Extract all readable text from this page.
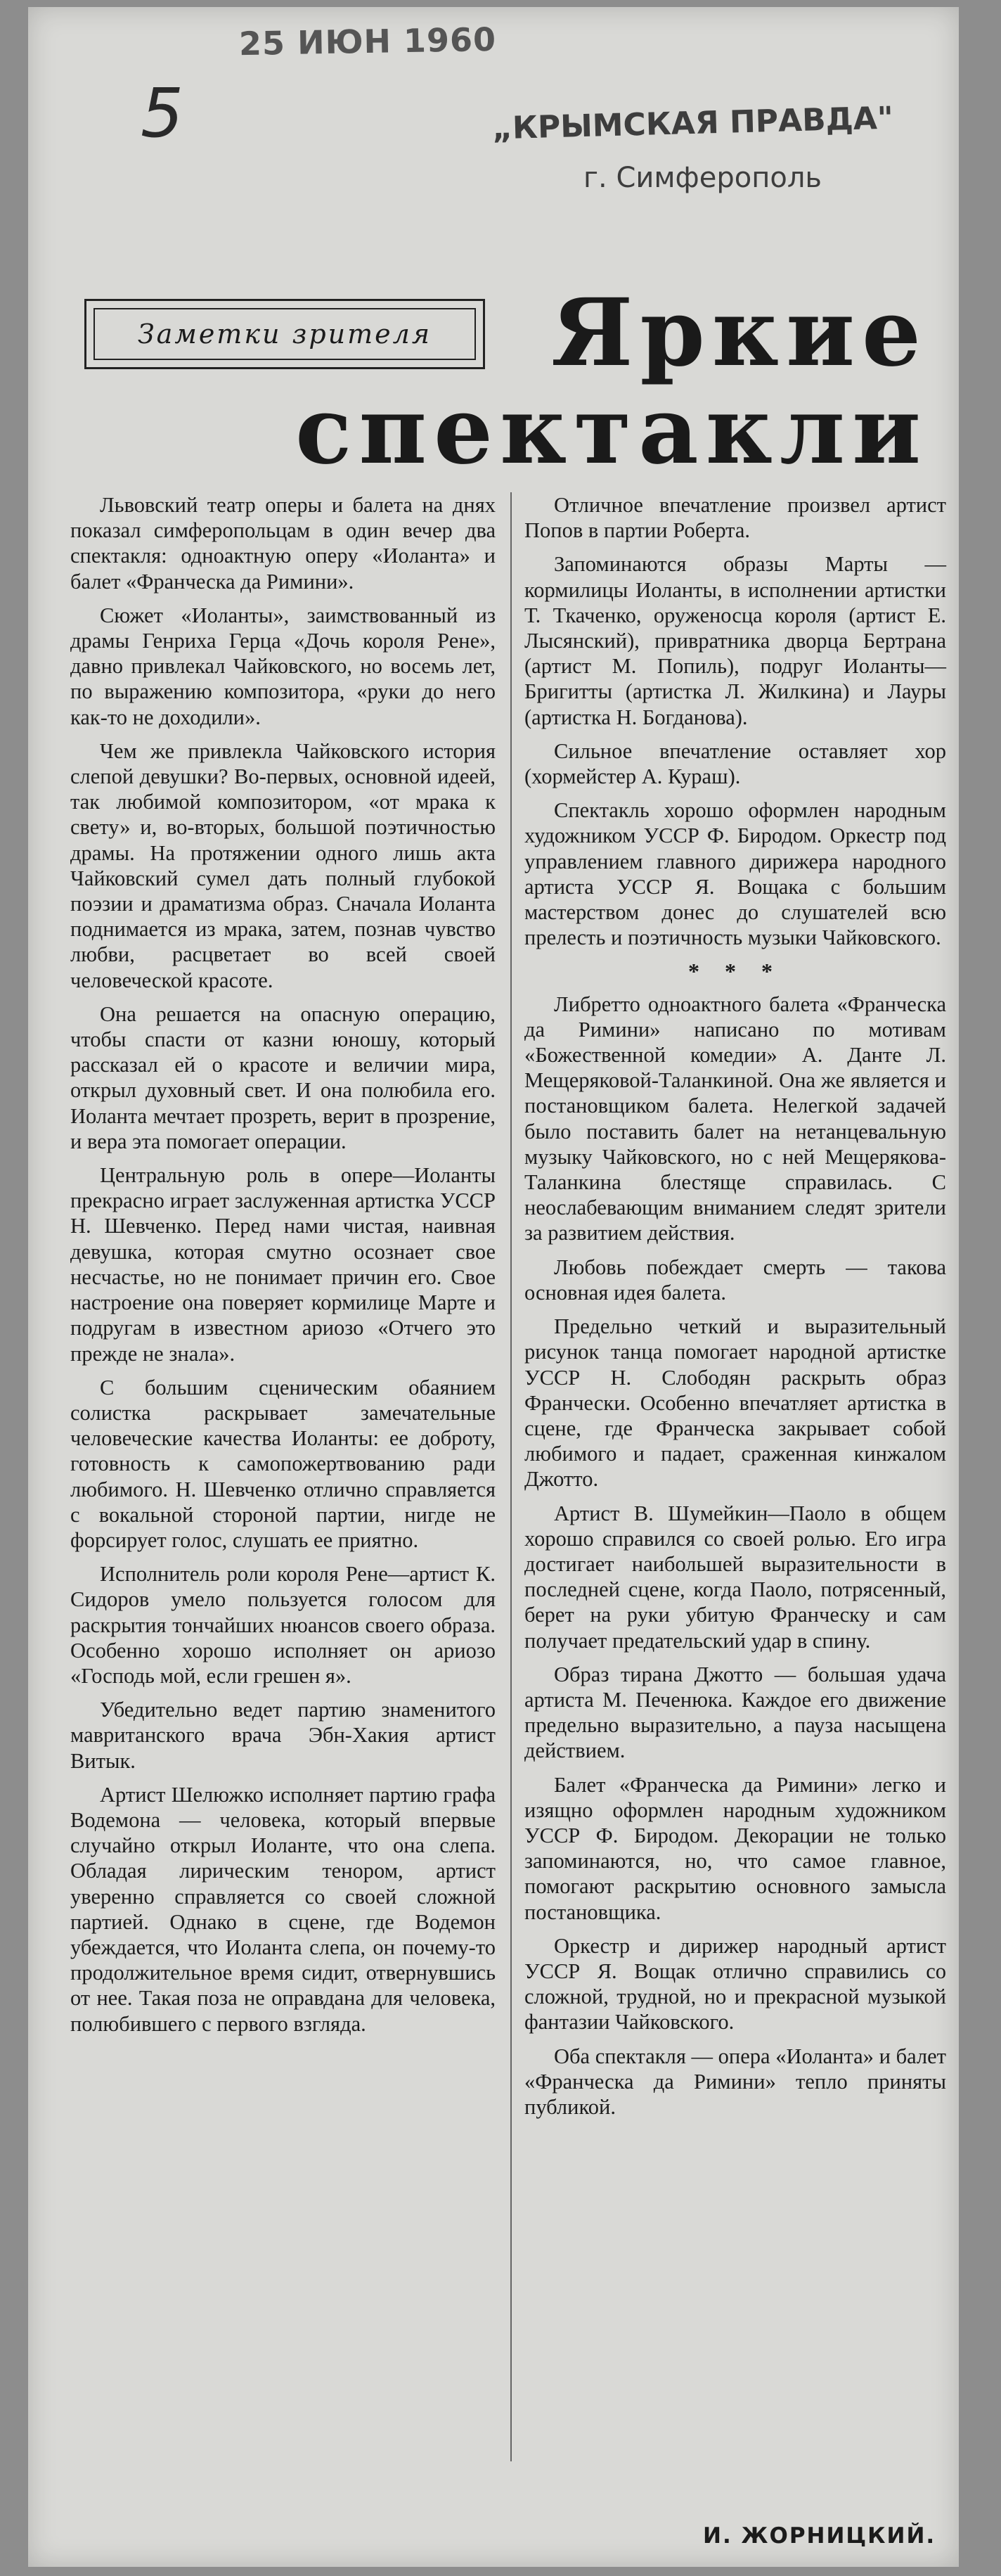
25 ИЮН 1960
5	„КРЫМСКАЯ ПРАВДА"
г. Симферополь
Заметки зрителя	Яркие
спектакли

Львовский театр оперы и балета на днях показал симферопольцам в один вечер два спектакля: одноактную оперу «Иоланта» и балет «Франческа да Римини».

Сюжет «Иоланты», заимствованный из драмы Генриха Герца «Дочь короля Рене», давно привлекал Чайковского, но восемь лет, по выражению композитора, «руки до него как-то не доходили».

Чем же привлекла Чайковского история слепой девушки? Во-первых, основной идеей, так любимой композитором, «от мрака к свету» и, во-вторых, большой поэтичностью драмы. На протяжении одного лишь акта Чайковский сумел дать полный глубокой поэзии и драматизма образ. Сначала Иоланта поднимается из мрака, затем, познав чувство любви, расцветает во всей своей человеческой красоте.

Она решается на опасную операцию, чтобы спасти от казни юношу, который рассказал ей о красоте и величии мира, открыл духовный свет. И она полюбила его. Иоланта мечтает прозреть, верит в прозрение, и вера эта помогает операции.

Центральную роль в опере—Иоланты прекрасно играет заслуженная артистка УССР Н. Шевченко. Перед нами чистая, наивная девушка, которая смутно осознает свое несчастье, но не понимает причин его. Свое настроение она поверяет кормилице Марте и подругам в известном ариозо «Отчего это прежде не знала».

С большим сценическим обаянием солистка раскрывает замечательные человеческие качества Иоланты: ее доброту, готовность к самопожертвованию ради любимого. Н. Шевченко отлично справляется с вокальной стороной партии, нигде не форсирует голос, слушать ее приятно.

Исполнитель роли короля Рене—артист К. Сидоров умело пользуется голосом для раскрытия тончайших нюансов своего образа. Особенно хорошо исполняет он ариозо «Господь мой, если грешен я».

Убедительно ведет партию знаменитого мавританского врача Эбн-Хакия артист Витык.

Артист Шелюжко исполняет партию графа Водемона — человека, который впервые случайно открыл Иоланте, что она слепа. Обладая лирическим тенором, артист уверенно справляется со своей сложной партией. Однако в сцене, где Водемон убеждается, что Иоланта слепа, он почему-то продолжительное время сидит, отвернувшись от нее. Такая поза не оправдана для человека, полюбившего с первого взгляда.

Отличное впечатление произвел артист Попов в партии Роберта.

Запоминаются образы Марты — кормилицы Иоланты, в исполнении артистки Т. Ткаченко, оруженосца короля (артист Е. Лысянский), привратника дворца Бертрана (артист М. Попиль), подруг Иоланты—Бригитты (артистка Л. Жилкина) и Лауры (артистка Н. Богданова).

Сильное впечатление оставляет хор (хормейстер А. Кураш).

Спектакль хорошо оформлен народным художником УССР Ф. Биродом. Оркестр под управлением главного дирижера народного артиста УССР Я. Вощака с большим мастерством донес до слушателей всю прелесть и поэтичность музыки Чайковского.

* * *

Либретто одноактного балета «Франческа да Римини» написано по мотивам «Божественной комедии» А. Данте Л. Мещеряковой-Таланкиной. Она же является и постановщиком балета. Нелегкой задачей было поставить балет на нетанцевальную музыку Чайковского, но с ней Мещерякова-Таланкина блестяще справилась. С неослабевающим вниманием следят зрители за развитием действия.

Любовь побеждает смерть — такова основная идея балета.

Предельно четкий и выразительный рисунок танца помогает народной артистке УССР Н. Слободян раскрыть образ Франчески. Особенно впечатляет артистка в сцене, где Франческа закрывает собой любимого и падает, сраженная кинжалом Джотто.

Артист В. Шумейкин—Паоло в общем хорошо справился со своей ролью. Его игра достигает наибольшей выразительности в последней сцене, когда Паоло, потрясенный, берет на руки убитую Франческу и сам получает предательский удар в спину.

Образ тирана Джотто — большая удача артиста М. Печенюка. Каждое его движение предельно выразительно, а пауза насыщена действием.

Балет «Франческа да Римини» легко и изящно оформлен народным художником УССР Ф. Биродом. Декорации не только запоминаются, но, что самое главное, помогают раскрытию основного замысла постановщика.

Оркестр и дирижер народный артист УССР Я. Вощак отлично справились со сложной, трудной, но и прекрасной музыкой фантазии Чайковского.

Оба спектакля — опера «Иоланта» и балет «Франческа да Римини» тепло приняты публикой.

И. ЖОРНИЦКИЙ.
